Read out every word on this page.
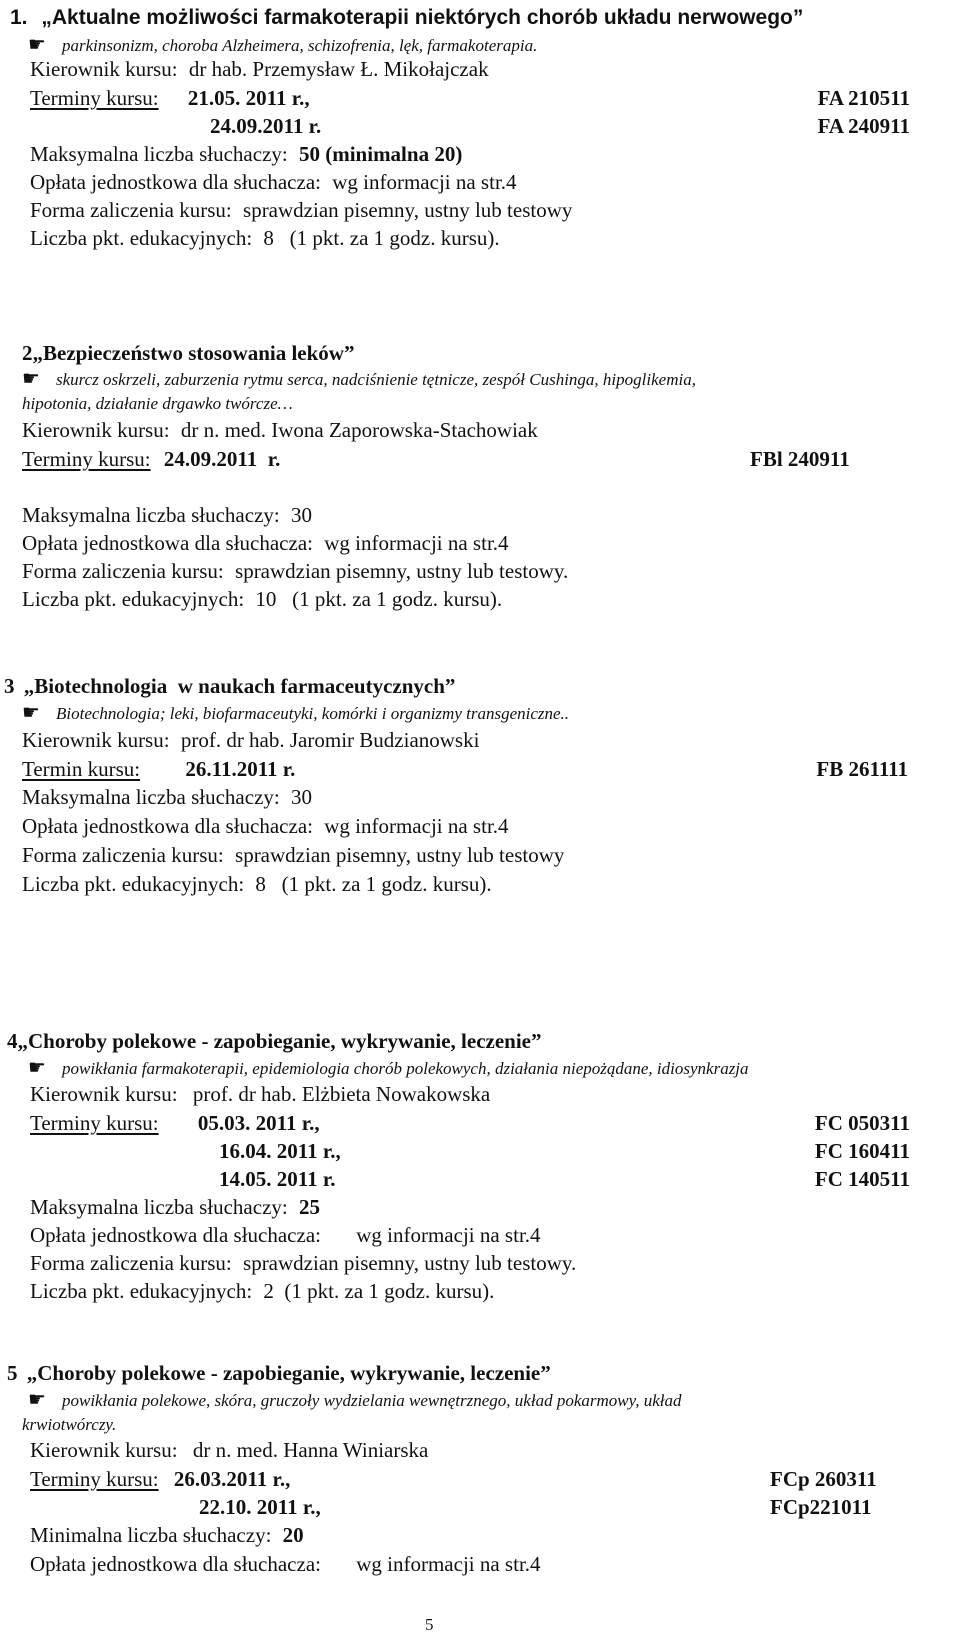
1. „Aktualne możliwości farmakoterapii niektórych chorób układu nerwowego”
☛ parkinsonizm, choroba Alzheimera, schizofrenia, lęk, farmakoterapia.
Kierownik kursu: dr hab. Przemysław Ł. Mikołajczak
Terminy kursu: 21.05. 2011 r.,	FA 210511
24.09.2011 r.	FA 240911
Maksymalna liczba słuchaczy: 50 (minimalna 20)
Opłata jednostkowa dla słuchacza: wg informacji na str.4
Forma zaliczenia kursu: sprawdzian pisemny, ustny lub testowy
Liczba pkt. edukacyjnych: 8   (1 pkt. za 1 godz. kursu).
2„Bezpieczeństwo stosowania leków”
☛ skurcz oskrzeli, zaburzenia rytmu serca, nadciśnienie tętnicze, zespół Cushinga, hipoglikemia,
hipotonia, działanie drgawko twórcze…
Kierownik kursu: dr n. med. Iwona Zaporowska-Stachowiak
Terminy kursu: 24.09.2011  r.	FBl 240911
Maksymalna liczba słuchaczy: 30
Opłata jednostkowa dla słuchacza: wg informacji na str.4
Forma zaliczenia kursu: sprawdzian pisemny, ustny lub testowy.
Liczba pkt. edukacyjnych: 10   (1 pkt. za 1 godz. kursu).
3 „Biotechnologia  w naukach farmaceutycznych”
☛ Biotechnologia; leki, biofarmaceutyki, komórki i organizmy transgeniczne..
Kierownik kursu: prof. dr hab. Jaromir Budzianowski
Termin kursu: 26.11.2011 r.	FB 261111
Maksymalna liczba słuchaczy: 30
Opłata jednostkowa dla słuchacza: wg informacji na str.4
Forma zaliczenia kursu: sprawdzian pisemny, ustny lub testowy
Liczba pkt. edukacyjnych: 8   (1 pkt. za 1 godz. kursu).
4„Choroby polekowe - zapobieganie, wykrywanie, leczenie”
☛ powikłania farmakoterapii, epidemiologia chorób polekowych, działania niepożądane, idiosynkrazja
Kierownik kursu: prof. dr hab. Elżbieta Nowakowska
Terminy kursu: 05.03. 2011 r.,	FC 050311
16.04. 2011 r.,	FC 160411
14.05. 2011 r.	FC 140511
Maksymalna liczba słuchaczy: 25
Opłata jednostkowa dla słuchacza: wg informacji na str.4
Forma zaliczenia kursu: sprawdzian pisemny, ustny lub testowy.
Liczba pkt. edukacyjnych: 2  (1 pkt. za 1 godz. kursu).
5 „Choroby polekowe - zapobieganie, wykrywanie, leczenie”
☛ powikłania polekowe, skóra, gruczoły wydzielania wewnętrznego, układ pokarmowy, układ
krwiotwórczy.
Kierownik kursu: dr n. med. Hanna Winiarska
Terminy kursu: 26.03.2011 r.,	FCp 260311
22.10. 2011 r.,	FCp221011
Minimalna liczba słuchaczy: 20
Opłata jednostkowa dla słuchacza: wg informacji na str.4
5
